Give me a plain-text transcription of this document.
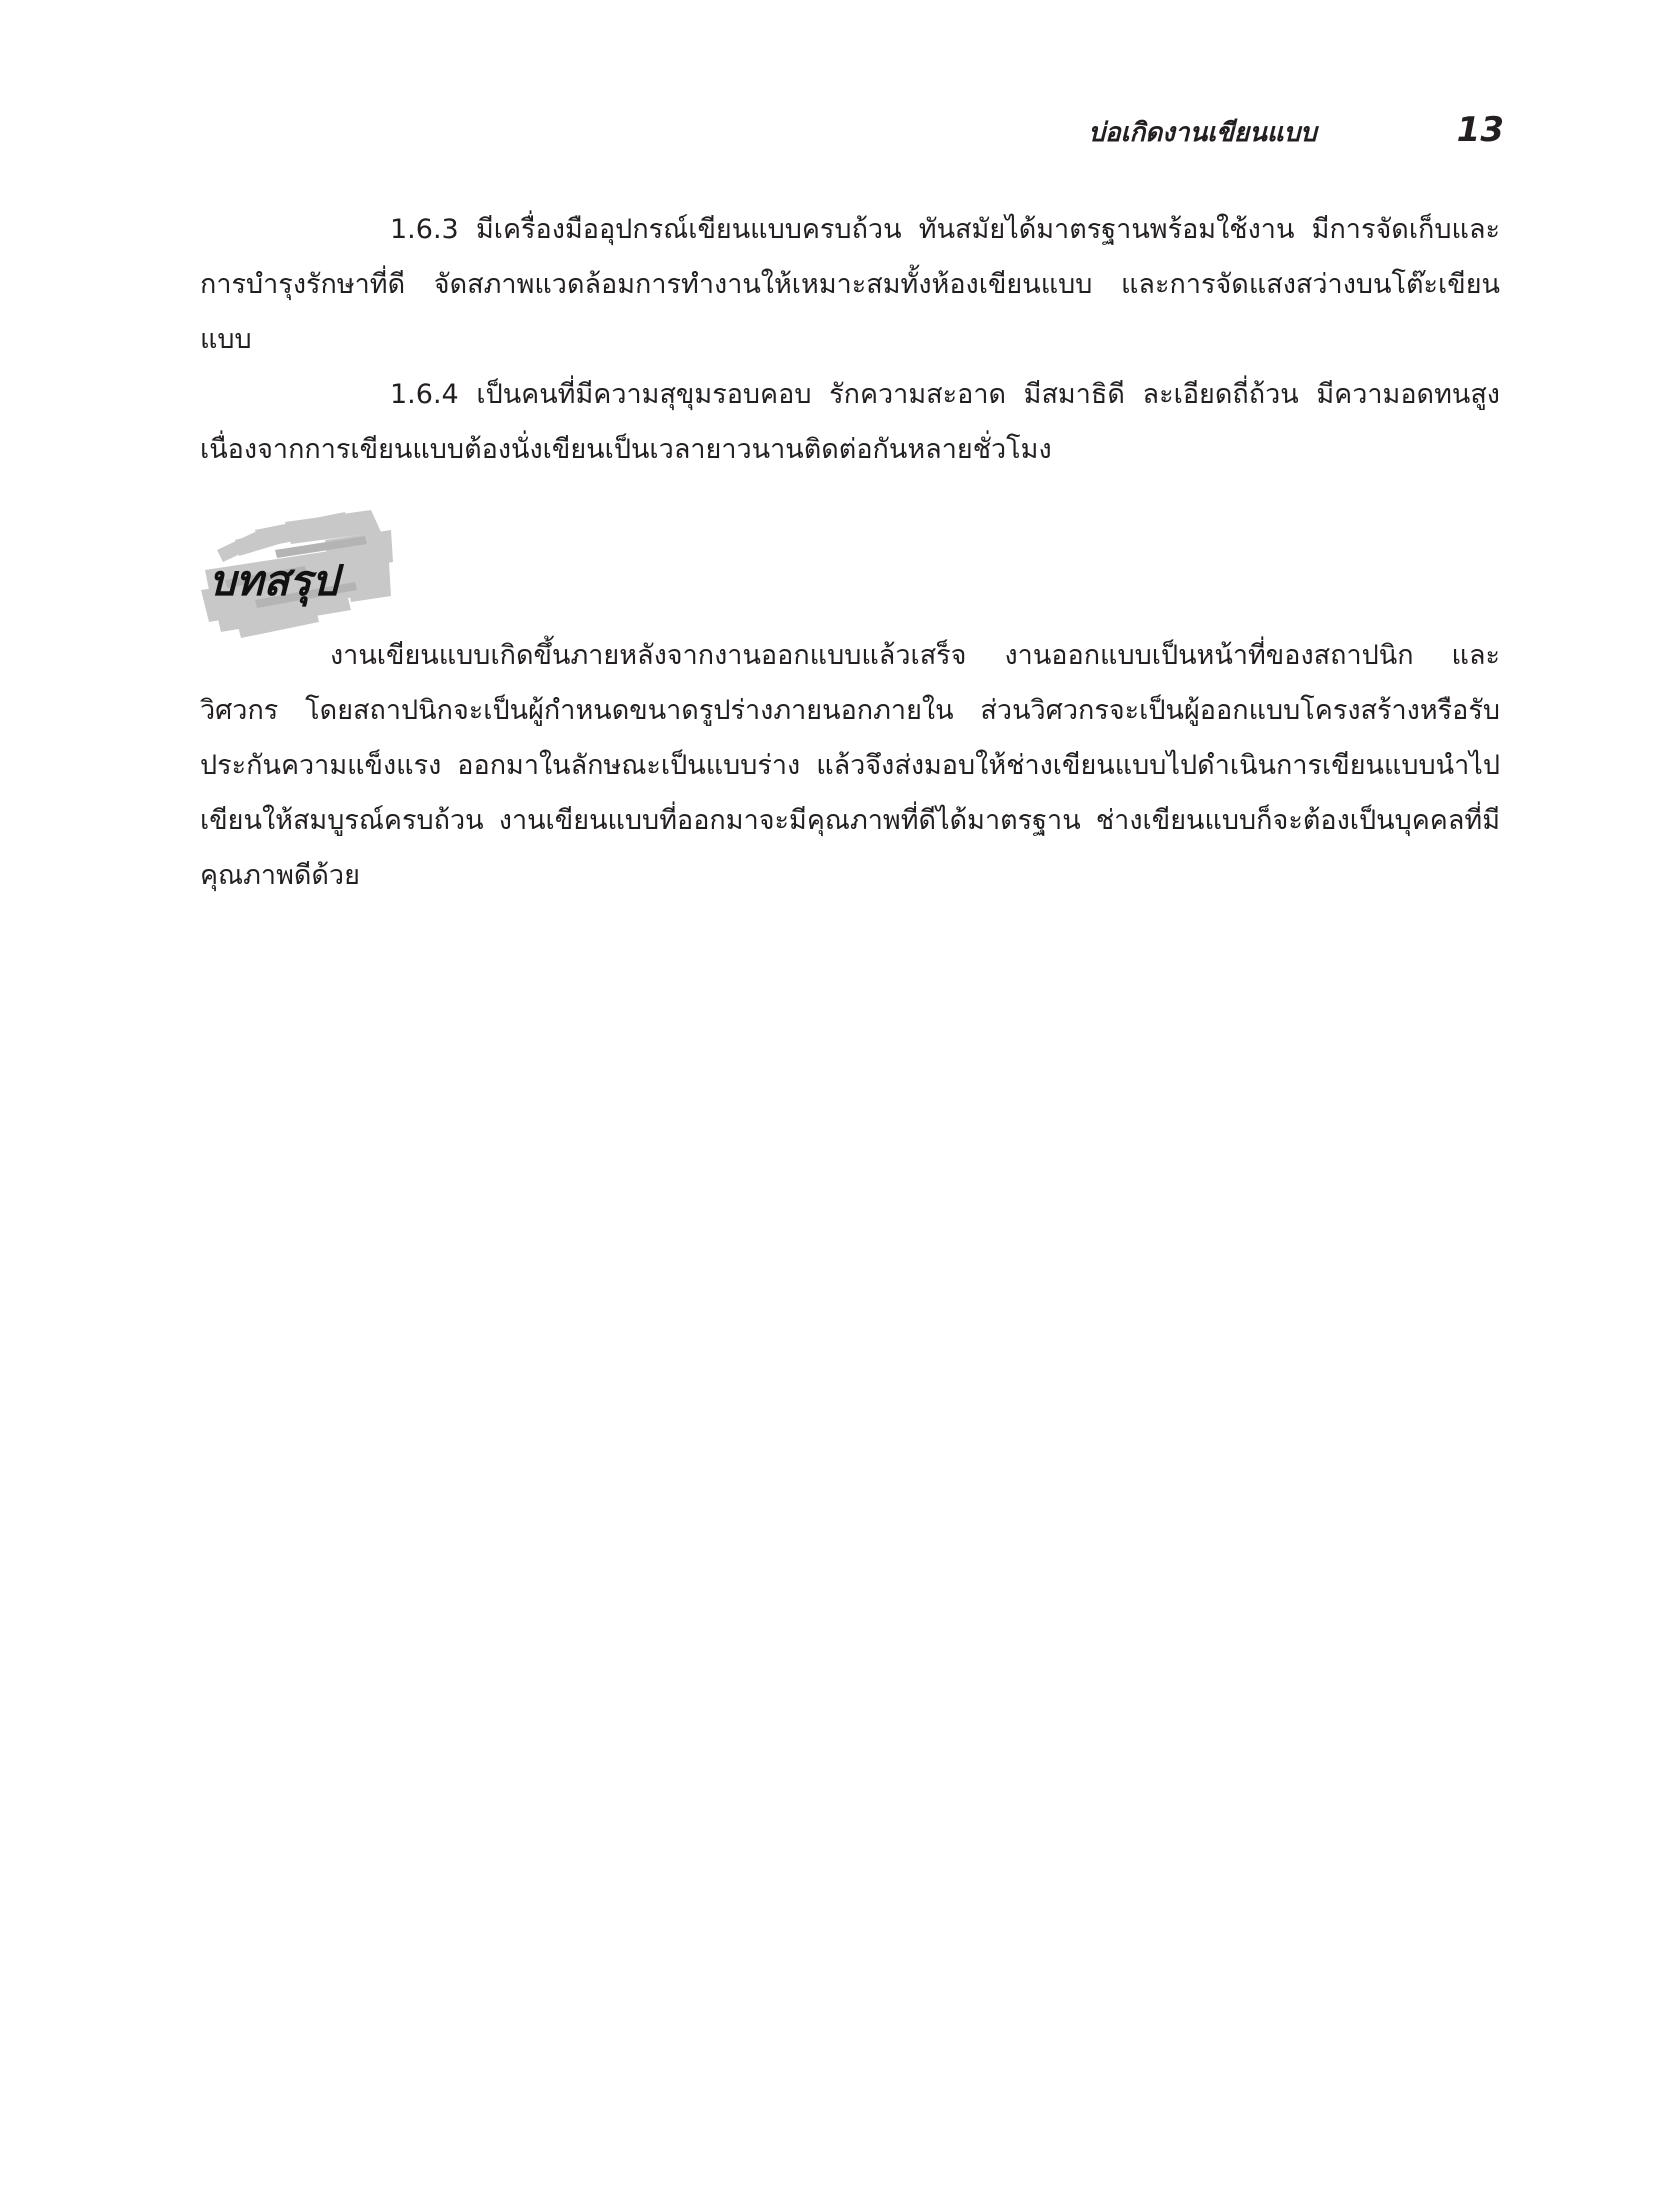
บ่อเกิดงานเขียนแบบ	13

1.6.3 มีเครื่องมืออุปกรณ์เขียนแบบครบถ้วน ทันสมัยได้มาตรฐานพร้อมใช้งาน มีการจัดเก็บและการบำรุงรักษาที่ดี จัดสภาพแวดล้อมการทำงานให้เหมาะสมทั้งห้องเขียนแบบ และการจัดแสงสว่างบนโต๊ะเขียนแบบ

1.6.4 เป็นคนที่มีความสุขุมรอบคอบ รักความสะอาด มีสมาธิดี ละเอียดถี่ถ้วน มีความอดทนสูง เนื่องจากการเขียนแบบต้องนั่งเขียนเป็นเวลายาวนานติดต่อกันหลายชั่วโมง

บทสรุป

งานเขียนแบบเกิดขึ้นภายหลังจากงานออกแบบแล้วเสร็จ งานออกแบบเป็นหน้าที่ของสถาปนิก และวิศวกร โดยสถาปนิกจะเป็นผู้กำหนดขนาดรูปร่างภายนอกภายใน ส่วนวิศวกรจะเป็นผู้ออกแบบโครงสร้างหรือรับประกันความแข็งแรง ออกมาในลักษณะเป็นแบบร่าง แล้วจึงส่งมอบให้ช่างเขียนแบบไปดำเนินการเขียนแบบนำไปเขียนให้สมบูรณ์ครบถ้วน งานเขียนแบบที่ออกมาจะมีคุณภาพที่ดีได้มาตรฐาน ช่างเขียนแบบก็จะต้องเป็นบุคคลที่มีคุณภาพดีด้วย
